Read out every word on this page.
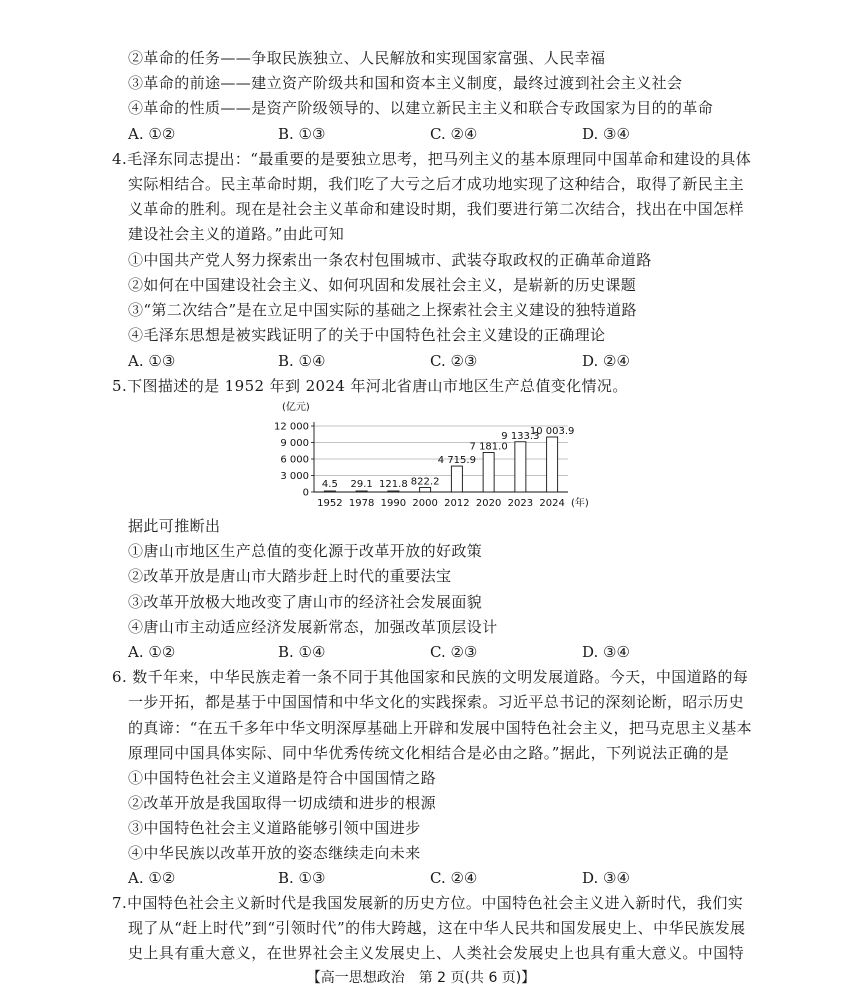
②革命的任务——争取民族独立、人民解放和实现国家富强、人民幸福
③革命的前途——建立资产阶级共和国和资本主义制度，最终过渡到社会主义社会
④革命的性质——是资产阶级领导的、以建立新民主主义和联合专政国家为目的的革命
A. ①②	B. ①③	C. ②④	D. ③④
4.毛泽东同志提出：“最重要的是要独立思考，把马列主义的基本原理同中国革命和建设的具体
实际相结合。民主革命时期，我们吃了大亏之后才成功地实现了这种结合，取得了新民主主
义革命的胜利。现在是社会主义革命和建设时期，我们要进行第二次结合，找出在中国怎样
建设社会主义的道路。”由此可知
①中国共产党人努力探索出一条农村包围城市、武装夺取政权的正确革命道路
②如何在中国建设社会主义、如何巩固和发展社会主义，是崭新的历史课题
③“第二次结合”是在立足中国实际的基础之上探索社会主义建设的独特道路
④毛泽东思想是被实践证明了的关于中国特色社会主义建设的正确理论
A. ①③	B. ①④	C. ②③	D. ②④
5.下图描述的是 1952 年到 2024 年河北省唐山市地区生产总值变化情况。
(亿元)
0
3 000
6 000
9 000
12 000
4.5
1952
29.1
1978
121.8
1990
822.2
2000
4 715.9
2012
7 181.0
2020
9 133.3
2023
10 003.9
2024 (年)
据此可推断出
①唐山市地区生产总值的变化源于改革开放的好政策
②改革开放是唐山市大踏步赶上时代的重要法宝
③改革开放极大地改变了唐山市的经济社会发展面貌
④唐山市主动适应经济发展新常态，加强改革顶层设计
A. ①②	B. ①④	C. ②③	D. ③④
6. 数千年来，中华民族走着一条不同于其他国家和民族的文明发展道路。今天，中国道路的每
一步开拓，都是基于中国国情和中华文化的实践探索。习近平总书记的深刻论断，昭示历史
的真谛：“在五千多年中华文明深厚基础上开辟和发展中国特色社会主义，把马克思主义基本
原理同中国具体实际、同中华优秀传统文化相结合是必由之路。”据此，下列说法正确的是
①中国特色社会主义道路是符合中国国情之路
②改革开放是我国取得一切成绩和进步的根源
③中国特色社会主义道路能够引领中国进步
④中华民族以改革开放的姿态继续走向未来
A. ①②	B. ①③	C. ②④	D. ③④
7.中国特色社会主义新时代是我国发展新的历史方位。中国特色社会主义进入新时代，我们实
现了从“赶上时代”到“引领时代”的伟大跨越，这在中华人民共和国发展史上、中华民族发展
史上具有重大意义，在世界社会主义发展史上、人类社会发展史上也具有重大意义。中国特
【高一思想政治　第 2 页(共 6 页)】
